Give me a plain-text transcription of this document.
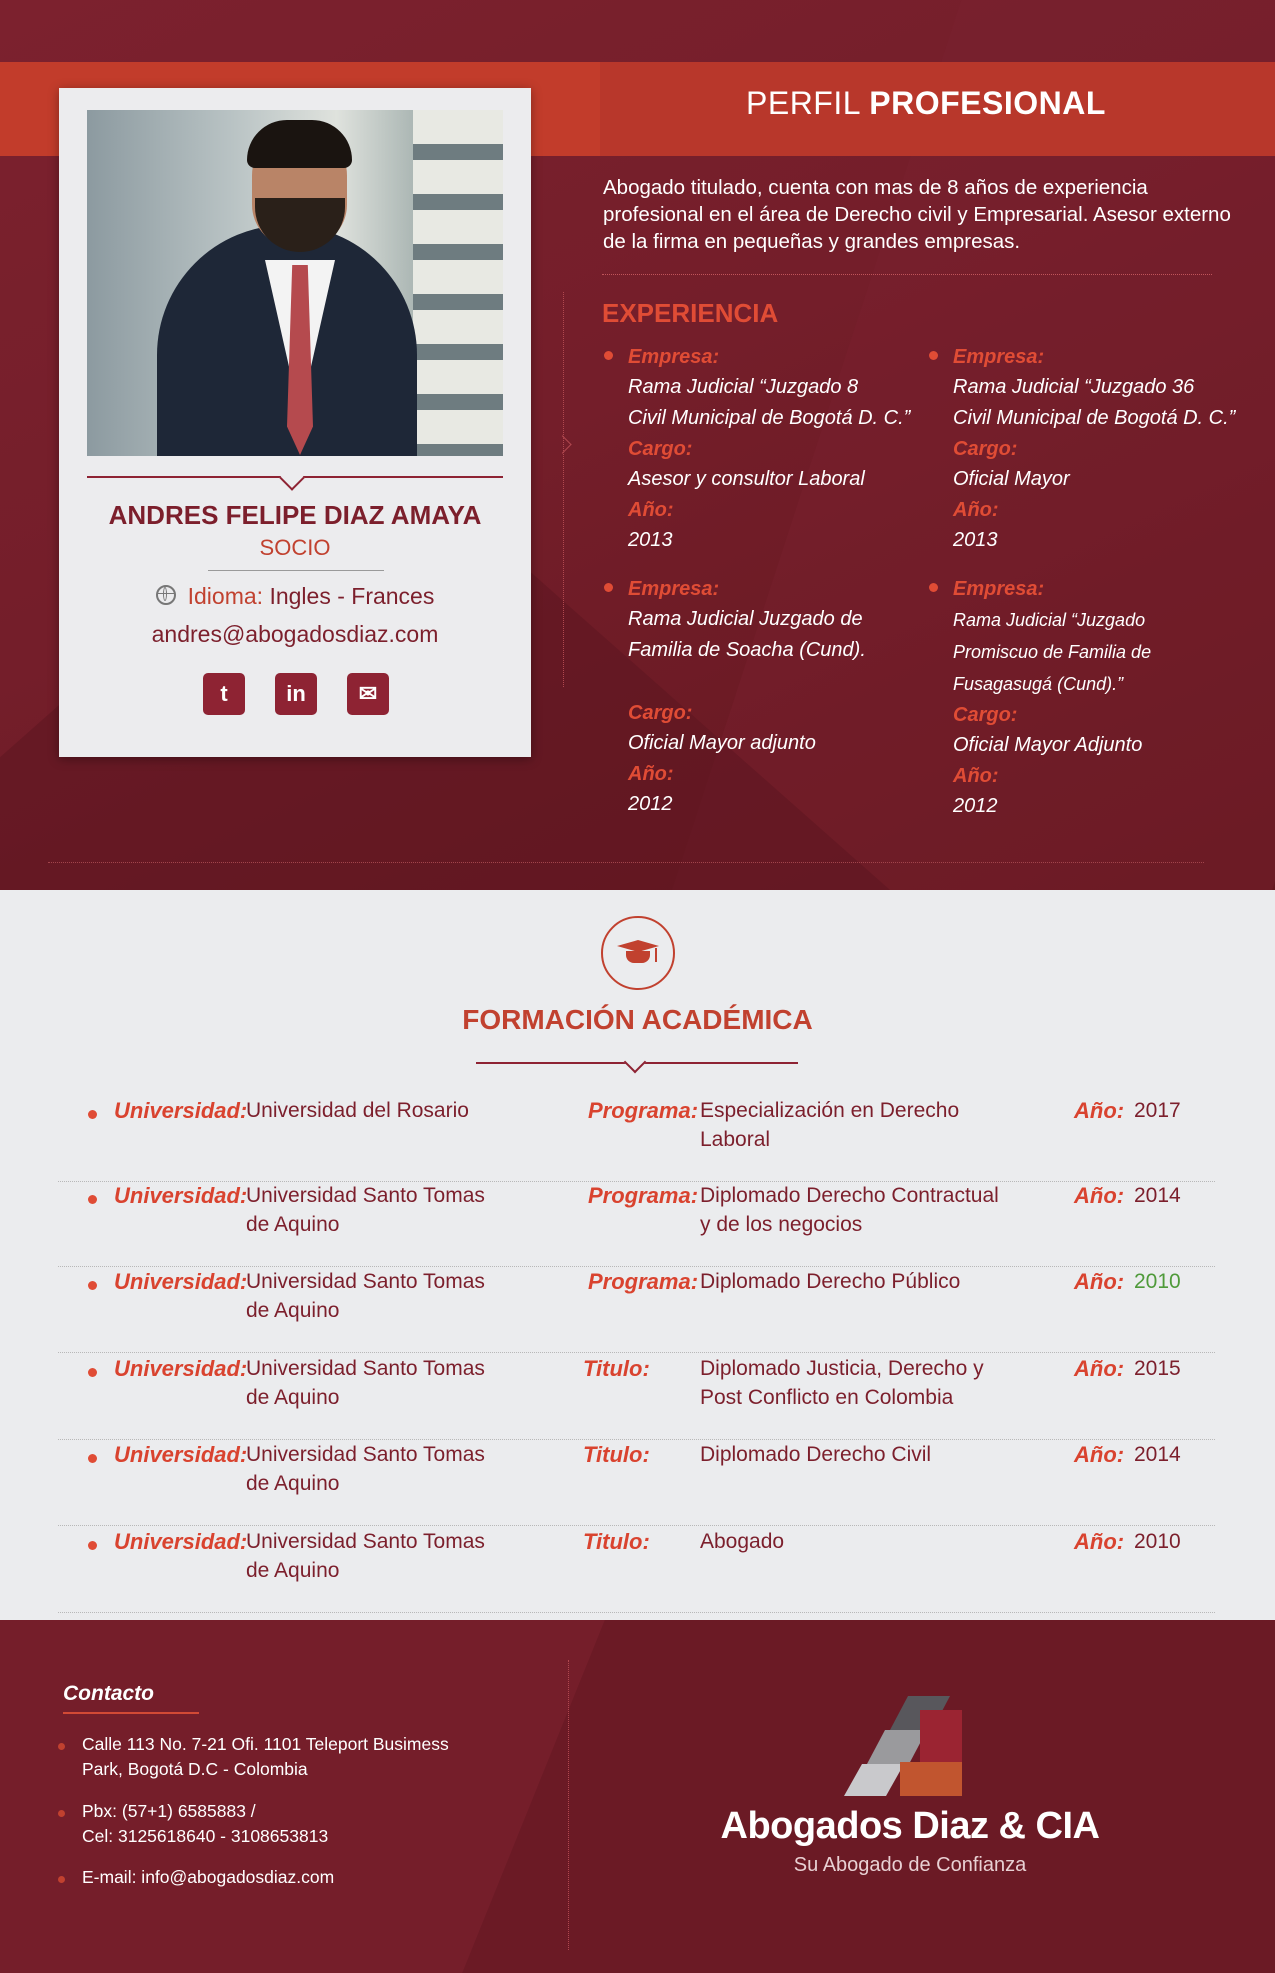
PERFIL PROFESIONAL
ANDRES FELIPE DIAZ AMAYA
SOCIO
Idioma: Ingles - Frances
andres@abogadosdiaz.com
t	in	✉
Abogado titulado, cuenta con mas de 8 años de experiencia profesional en el área de Derecho civil y Empresarial. Asesor externo de la firma en pequeñas y grandes empresas.
EXPERIENCIA
Empresa:
Rama Judicial “Juzgado 8
Civil Municipal de Bogotá D. C.”
Cargo:
Asesor y consultor Laboral
Año:
2013
Empresa:
Rama Judicial “Juzgado 36
Civil Municipal de Bogotá D. C.”
Cargo:
Oficial Mayor
Año:
2013
Empresa:
Rama Judicial Juzgado de
Familia de Soacha (Cund).
Cargo:
Oficial Mayor adjunto
Año:
2012
Empresa:
Rama Judicial “Juzgado
Promiscuo de Familia de
Fusagasugá (Cund).”
Cargo:
Oficial Mayor Adjunto
Año:
2012
FORMACIÓN ACADÉMICA
Universidad:
Universidad del Rosario	Programa: Especialización en Derecho
Laboral
Año: 2017
Universidad:
Universidad Santo Tomas
de Aquino
Programa: Diplomado Derecho Contractual
y de los negocios
Año: 2014
Universidad:
Universidad Santo Tomas
de Aquino
Programa: Diplomado Derecho Público	Año: 2010
Universidad:
Universidad Santo Tomas
de Aquino
Titulo: Diplomado Justicia, Derecho y
Post Conflicto en Colombia
Año: 2015
Universidad:
Universidad Santo Tomas
de Aquino
Titulo: Diplomado Derecho Civil	Año: 2014
Universidad:
Universidad Santo Tomas
de Aquino
Titulo: Abogado	Año: 2010
Contacto
Calle 113 No. 7-21 Ofi. 1101 Teleport Busimess
Park, Bogotá D.C - Colombia
Pbx: (57+1) 6585883 /
Cel: 3125618640 - 3108653813
E-mail: info@abogadosdiaz.com
Abogados Diaz & CIA
Su Abogado de Confianza
